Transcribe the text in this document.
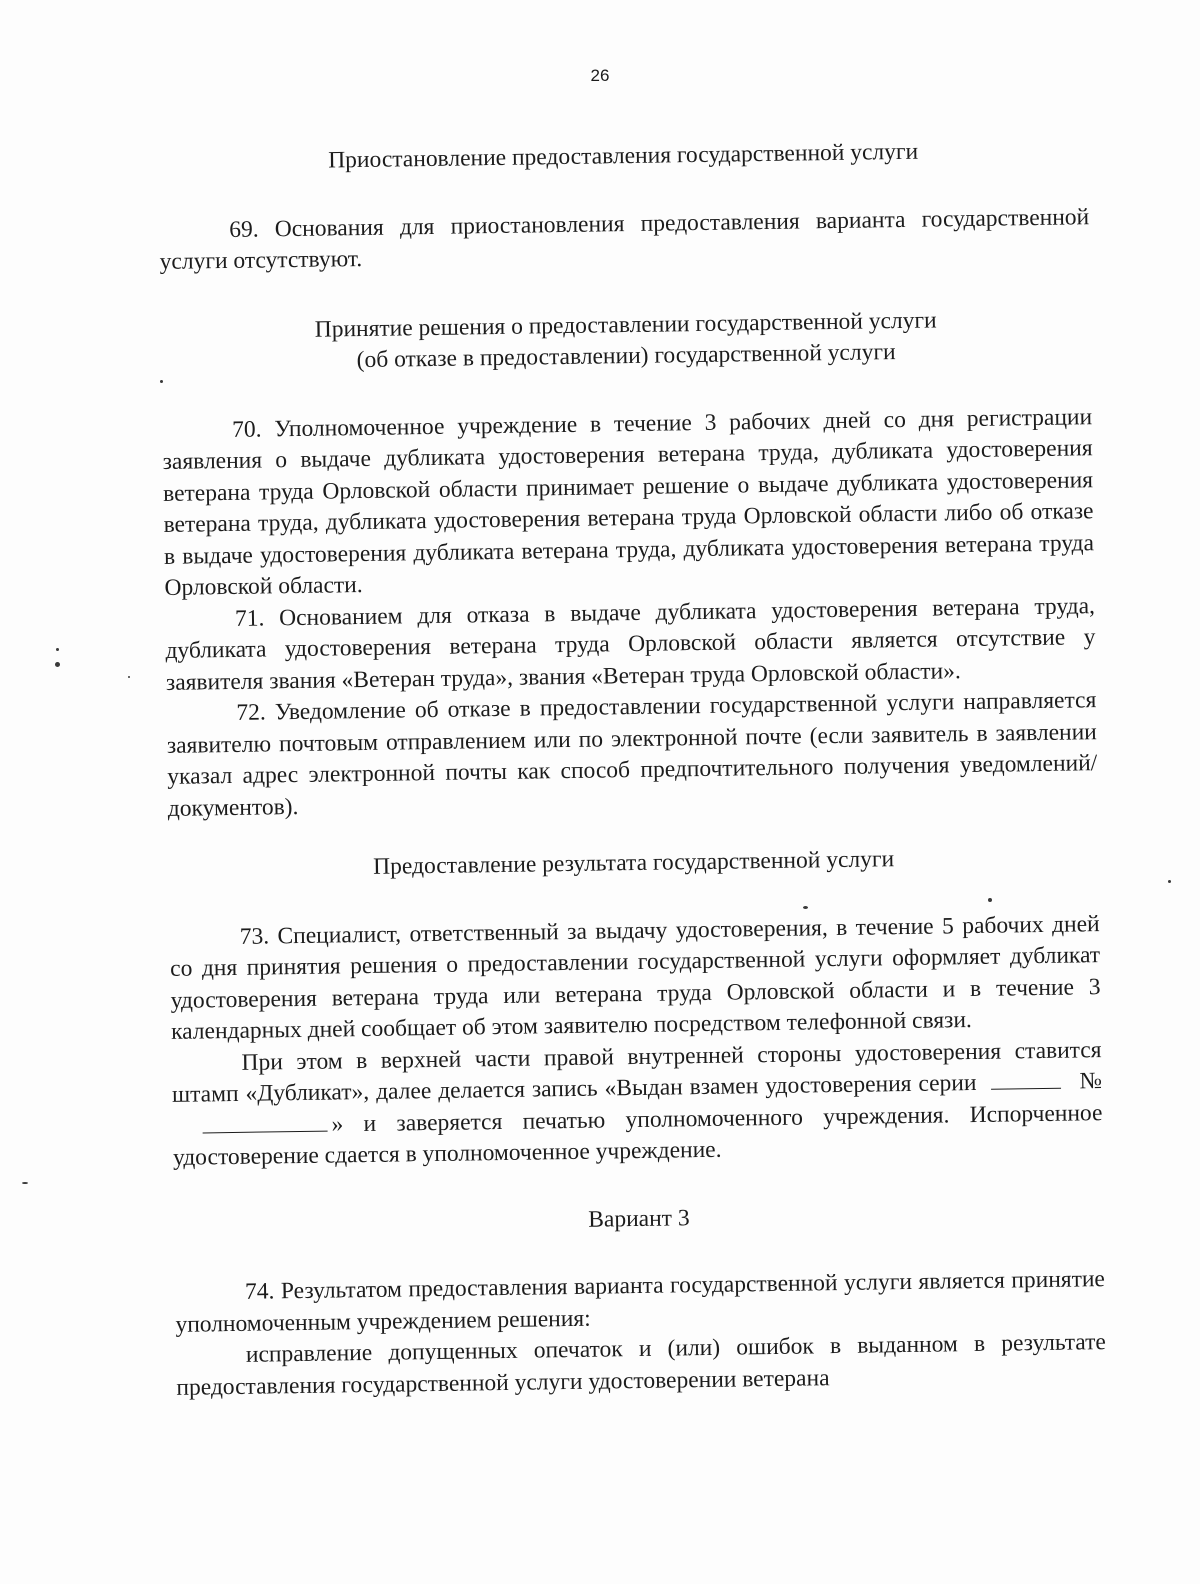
26

Приостановление предоставления государственной услуги

69. Основания для приостановления предоставления варианта государственной услуги отсутствуют.

Принятие решения о предоставлении государственной услуги

(об отказе в предоставлении) государственной услуги

70. Уполномоченное учреждение в течение 3 рабочих дней со дня регистрации заявления о выдаче дубликата удостоверения ветерана труда, дубликата удостоверения ветерана труда Орловской области принимает решение о выдаче дубликата удостоверения ветерана труда, дубликата удостоверения ветерана труда Орловской области либо об отказе в выдаче удостоверения дубликата ветерана труда, дубликата удостоверения ветерана труда Орловской области.

71. Основанием для отказа в выдаче дубликата удостоверения ветерана труда, дубликата удостоверения ветерана труда Орловской области является отсутствие у заявителя звания «Ветеран труда», звания «Ветеран труда Орловской области».

72. Уведомление об отказе в предоставлении государственной услуги направляется заявителю почтовым отправлением или по электронной почте (если заявитель в заявлении указал адрес электронной почты как способ предпочтительного получения уведомлений/документов).

Предоставление результата государственной услуги

73. Специалист, ответственный за выдачу удостоверения, в течение 5 рабочих дней со дня принятия решения о предоставлении государственной услуги оформляет дубликат удостоверения ветерана труда или ветерана труда Орловской области и в течение 3 календарных дней сообщает об этом заявителю посредством телефонной связи.

При этом в верхней части правой внутренней стороны удостоверения ставится штамп «Дубликат», далее делается запись «Выдан взамен удостоверения серии	№» и заверяется печатью уполномоченного учреждения. Испорченное удостоверение сдается в уполномоченное учреждение.

Вариант 3

74. Результатом предоставления варианта государственной услуги является принятие уполномоченным учреждением решения:

исправление допущенных опечаток и (или) ошибок в выданном в результате предоставления государственной услуги удостоверении ветерана
